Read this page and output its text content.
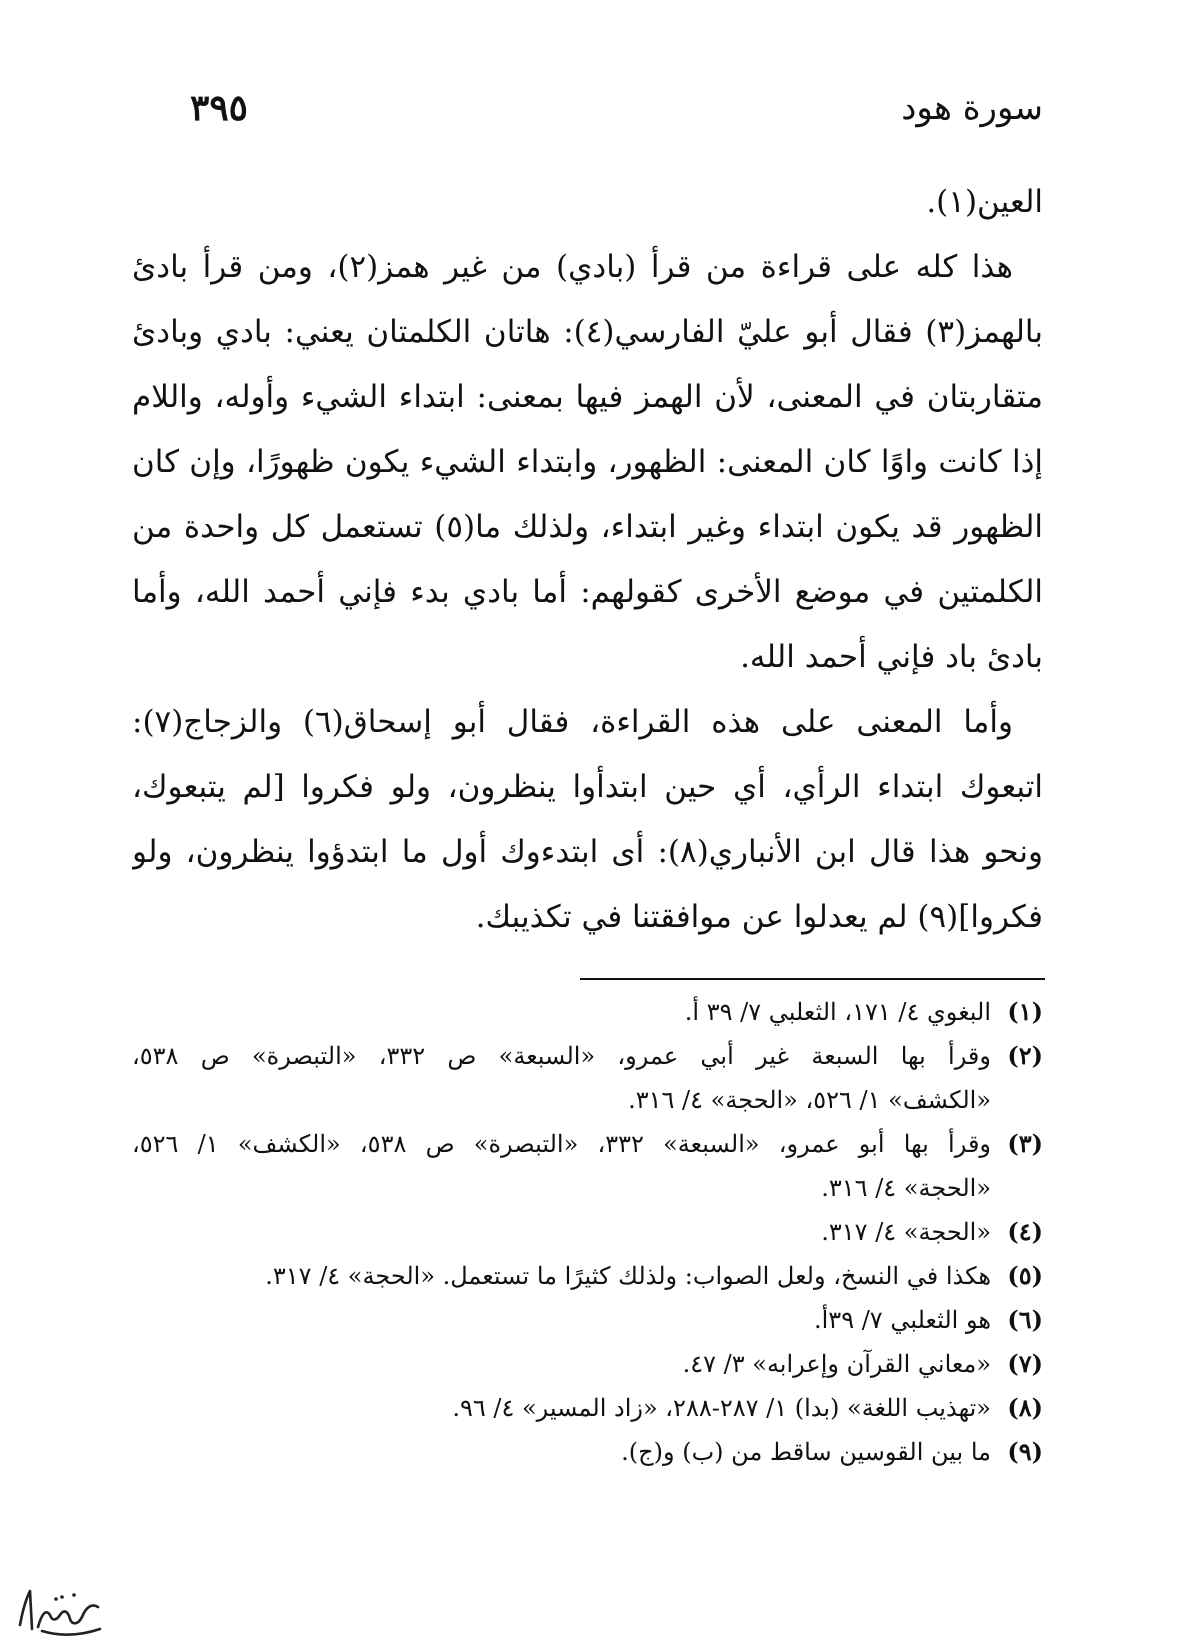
سورة هود
٣٩٥

العين(١).

هذا كله على قراءة من قرأ (بادي) من غير همز(٢)، ومن قرأ بادئ
بالهمز(٣) فقال أبو عليّ الفارسي(٤): هاتان الكلمتان يعني: بادي وبادئ
متقاربتان في المعنى، لأن الهمز فيها بمعنى: ابتداء الشيء وأوله، واللام
إذا كانت واوًا كان المعنى: الظهور، وابتداء الشيء يكون ظهورًا، وإن كان
الظهور قد يكون ابتداء وغير ابتداء، ولذلك ما(٥) تستعمل كل واحدة من
الكلمتين في موضع الأخرى كقولهم: أما بادي بدء فإني أحمد الله، وأما
بادئ باد فإني أحمد الله.

وأما المعنى على هذه القراءة، فقال أبو إسحاق(٦) والزجاج(٧):
اتبعوك ابتداء الرأي، أي حين ابتدأوا ينظرون، ولو فكروا [لم يتبعوك،
ونحو هذا قال ابن الأنباري(٨): أى ابتدءوك أول ما ابتدؤوا ينظرون، ولو
فكروا](٩) لم يعدلوا عن موافقتنا في تكذيبك.

(١)
البغوي ٤/ ١٧١، الثعلبي ٧/ ٣٩ أ.
(٢)
وقرأ بها السبعة غير أبي عمرو، «السبعة» ص ٣٣٢، «التبصرة» ص ٥٣٨،
«الكشف» ١/ ٥٢٦، «الحجة» ٤/ ٣١٦.
(٣)
وقرأ بها أبو عمرو، «السبعة» ٣٣٢، «التبصرة» ص ٥٣٨، «الكشف» ١/ ٥٢٦،
«الحجة» ٤/ ٣١٦.
(٤)
«الحجة» ٤/ ٣١٧.
(٥)
هكذا في النسخ، ولعل الصواب: ولذلك كثيرًا ما تستعمل. «الحجة» ٤/ ٣١٧.
(٦)
هو الثعلبي ٧/ ٣٩أ.
(٧)
«معاني القرآن وإعرابه» ٣/ ٤٧.
(٨)
«تهذيب اللغة» (بدا) ١/ ٢٨٧-٢٨٨، «زاد المسير» ٤/ ٩٦.
(٩)
ما بين القوسين ساقط من (ب) و(ج).
